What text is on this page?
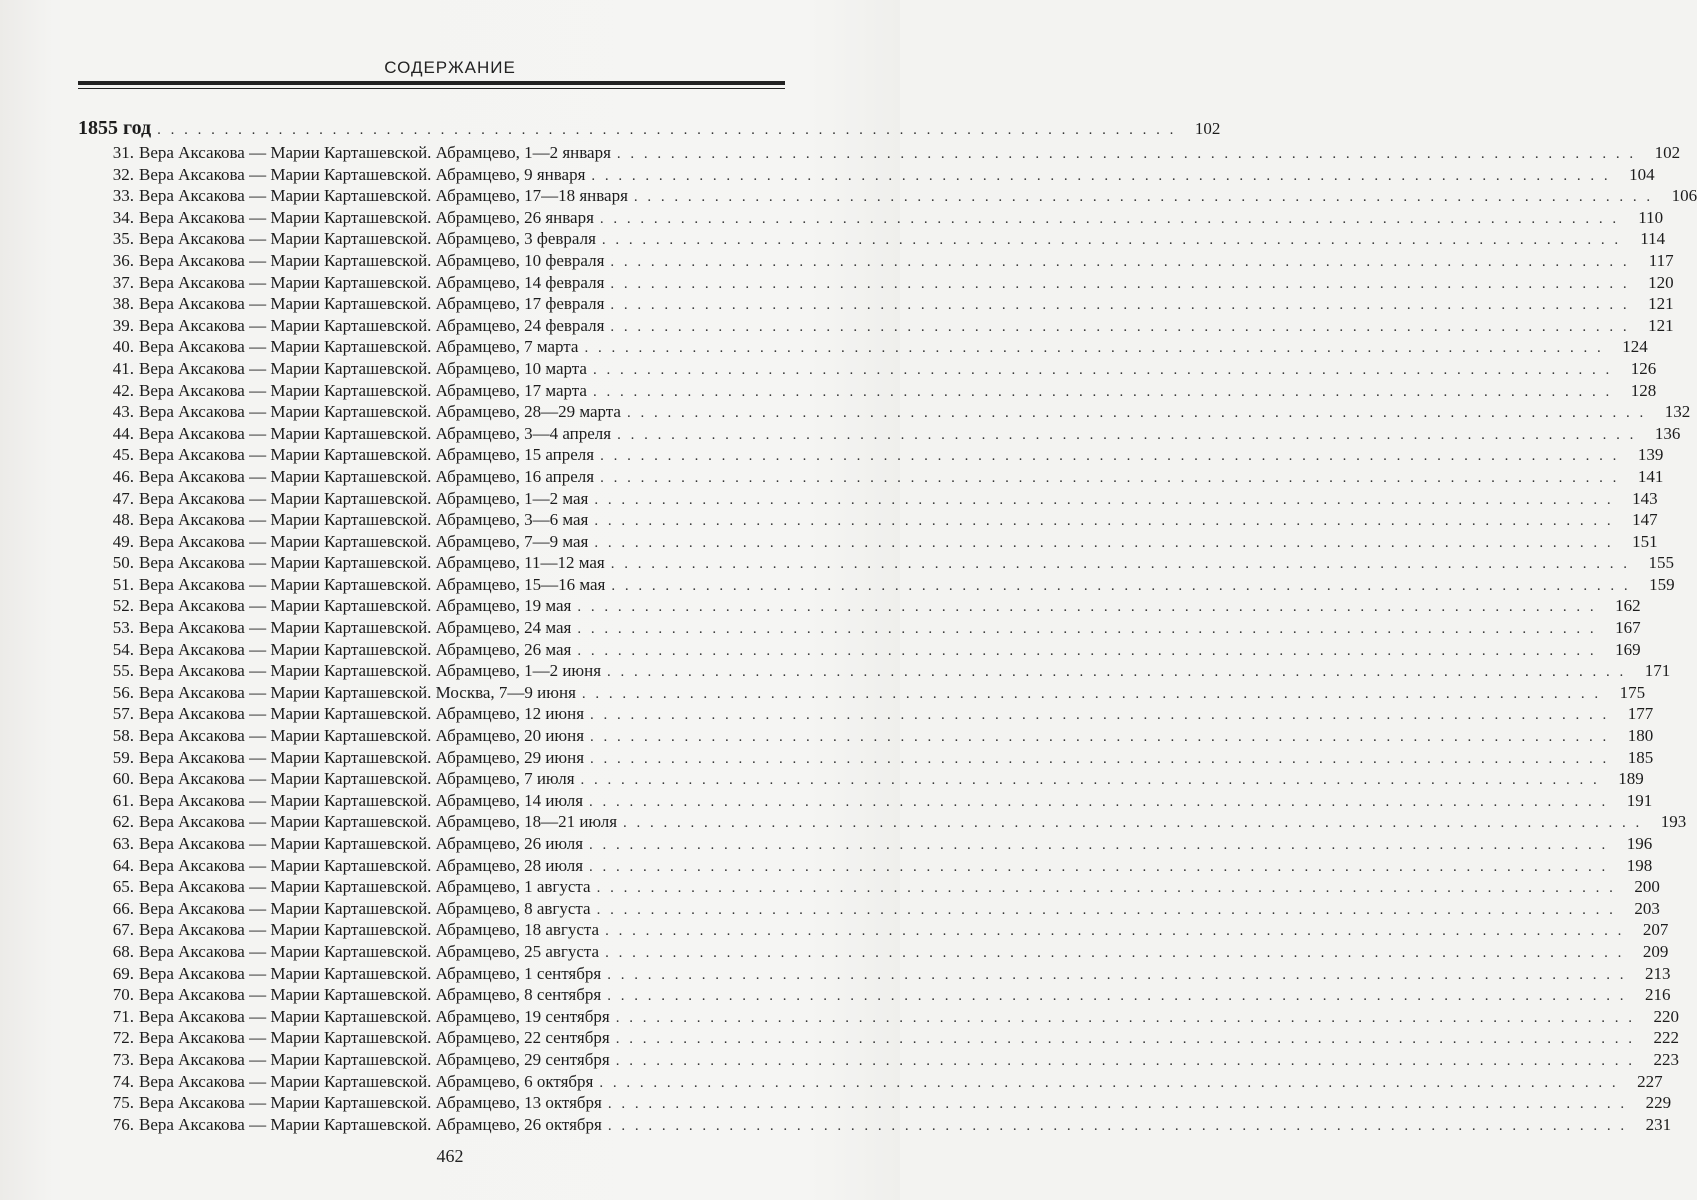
СОДЕРЖАНИЕ
1855 год . . .	102
31. Вера Аксакова — Марии Карташевской. Абрамцево, 1—2 января . . .	102
32. Вера Аксакова — Марии Карташевской. Абрамцево, 9 января . . .	104
33. Вера Аксакова — Марии Карташевской. Абрамцево, 17—18 января . . .	106
34. Вера Аксакова — Марии Карташевской. Абрамцево, 26 января . . .	110
35. Вера Аксакова — Марии Карташевской. Абрамцево, 3 февраля . . .	114
36. Вера Аксакова — Марии Карташевской. Абрамцево, 10 февраля . . .	117
37. Вера Аксакова — Марии Карташевской. Абрамцево, 14 февраля . . .	120
38. Вера Аксакова — Марии Карташевской. Абрамцево, 17 февраля . . .	121
39. Вера Аксакова — Марии Карташевской. Абрамцево, 24 февраля . . .	121
40. Вера Аксакова — Марии Карташевской. Абрамцево, 7 марта . . .	124
41. Вера Аксакова — Марии Карташевской. Абрамцево, 10 марта . . .	126
42. Вера Аксакова — Марии Карташевской. Абрамцево, 17 марта . . .	128
43. Вера Аксакова — Марии Карташевской. Абрамцево, 28—29 марта . . .	132
44. Вера Аксакова — Марии Карташевской. Абрамцево, 3—4 апреля . . .	136
45. Вера Аксакова — Марии Карташевской. Абрамцево, 15 апреля . . .	139
46. Вера Аксакова — Марии Карташевской. Абрамцево, 16 апреля . . .	141
47. Вера Аксакова — Марии Карташевской. Абрамцево, 1—2 мая . . .	143
48. Вера Аксакова — Марии Карташевской. Абрамцево, 3—6 мая . . .	147
49. Вера Аксакова — Марии Карташевской. Абрамцево, 7—9 мая . . .	151
50. Вера Аксакова — Марии Карташевской. Абрамцево, 11—12 мая . . .	155
51. Вера Аксакова — Марии Карташевской. Абрамцево, 15—16 мая . . .	159
52. Вера Аксакова — Марии Карташевской. Абрамцево, 19 мая . . .	162
53. Вера Аксакова — Марии Карташевской. Абрамцево, 24 мая . . .	167
54. Вера Аксакова — Марии Карташевской. Абрамцево, 26 мая . . .	169
55. Вера Аксакова — Марии Карташевской. Абрамцево, 1—2 июня . . .	171
56. Вера Аксакова — Марии Карташевской. Москва, 7—9 июня . . .	175
57. Вера Аксакова — Марии Карташевской. Абрамцево, 12 июня . . .	177
58. Вера Аксакова — Марии Карташевской. Абрамцево, 20 июня . . .	180
59. Вера Аксакова — Марии Карташевской. Абрамцево, 29 июня . . .	185
60. Вера Аксакова — Марии Карташевской. Абрамцево, 7 июля . . .	189
61. Вера Аксакова — Марии Карташевской. Абрамцево, 14 июля . . .	191
62. Вера Аксакова — Марии Карташевской. Абрамцево, 18—21 июля . . .	193
63. Вера Аксакова — Марии Карташевской. Абрамцево, 26 июля . . .	196
64. Вера Аксакова — Марии Карташевской. Абрамцево, 28 июля . . .	198
65. Вера Аксакова — Марии Карташевской. Абрамцево, 1 августа . . .	200
66. Вера Аксакова — Марии Карташевской. Абрамцево, 8 августа . . .	203
67. Вера Аксакова — Марии Карташевской. Абрамцево, 18 августа . . .	207
68. Вера Аксакова — Марии Карташевской. Абрамцево, 25 августа . . .	209
69. Вера Аксакова — Марии Карташевской. Абрамцево, 1 сентября . . .	213
70. Вера Аксакова — Марии Карташевской. Абрамцево, 8 сентября . . .	216
71. Вера Аксакова — Марии Карташевской. Абрамцево, 19 сентября . . .	220
72. Вера Аксакова — Марии Карташевской. Абрамцево, 22 сентября . . .	222
73. Вера Аксакова — Марии Карташевской. Абрамцево, 29 сентября . . .	223
74. Вера Аксакова — Марии Карташевской. Абрамцево, 6 октября . . .	227
75. Вера Аксакова — Марии Карташевской. Абрамцево, 13 октября . . .	229
76. Вера Аксакова — Марии Карташевской. Абрамцево, 26 октября . . .	231
462
